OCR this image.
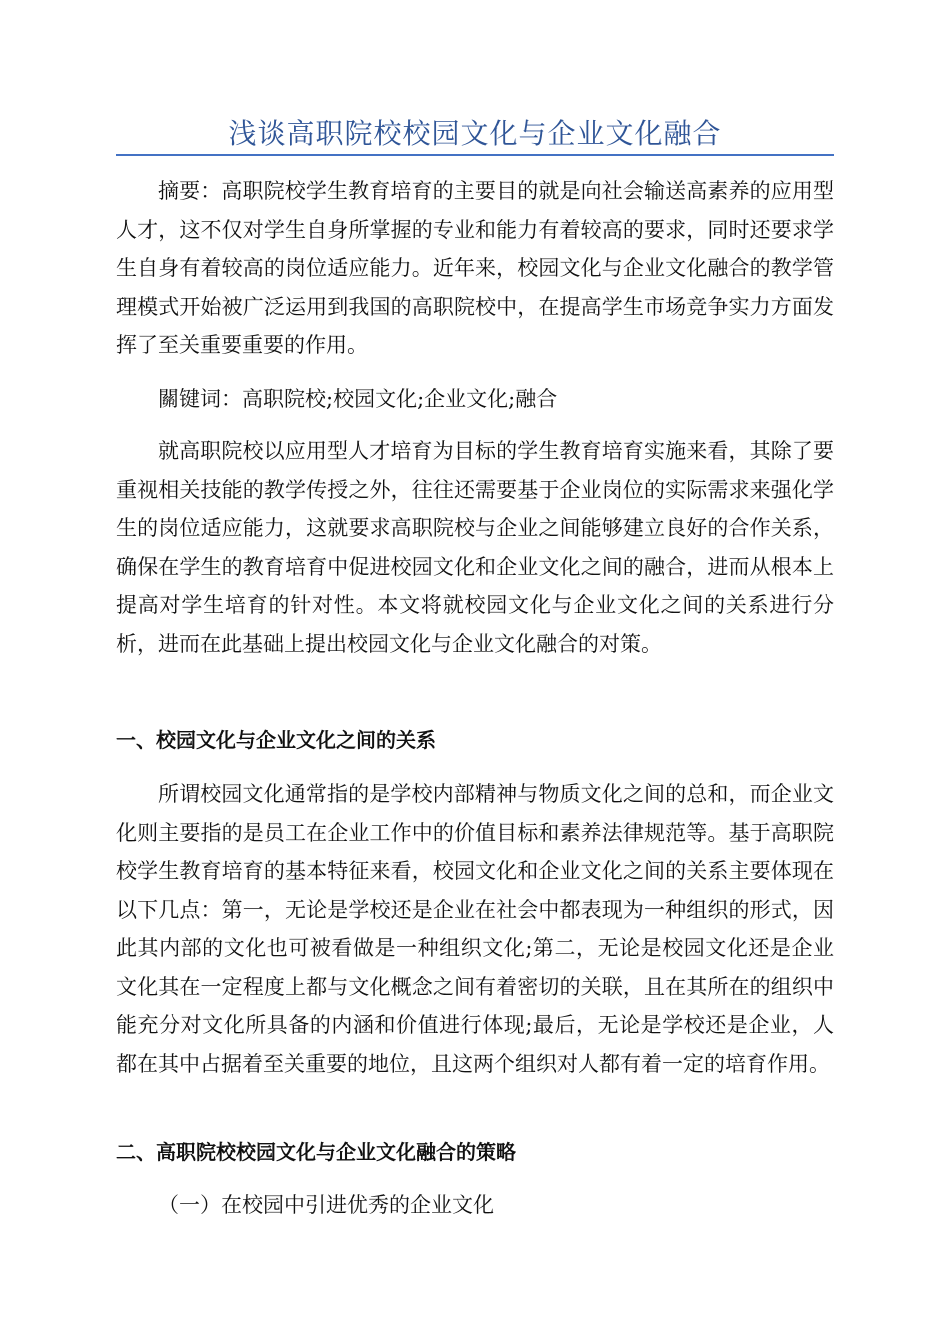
浅谈高职院校校园文化与企业文化融合

摘要：高职院校学生教育培育的主要目的就是向社会输送高素养的应用型人才，这不仅对学生自身所掌握的专业和能力有着较高的要求，同时还要求学生自身有着较高的岗位适应能力。近年来，校园文化与企业文化融合的教学管理模式开始被广泛运用到我国的高职院校中，在提高学生市场竞争实力方面发挥了至关重要重要的作用。

關键词：高职院校;校园文化;企业文化;融合

就高职院校以应用型人才培育为目标的学生教育培育实施来看，其除了要重视相关技能的教学传授之外，往往还需要基于企业岗位的实际需求来强化学生的岗位适应能力，这就要求高职院校与企业之间能够建立良好的合作关系，确保在学生的教育培育中促进校园文化和企业文化之间的融合，进而从根本上提高对学生培育的针对性。本文将就校园文化与企业文化之间的关系进行分析，进而在此基础上提出校园文化与企业文化融合的对策。

一、校园文化与企业文化之间的关系

所谓校园文化通常指的是学校内部精神与物质文化之间的总和，而企业文化则主要指的是员工在企业工作中的价值目标和素养法律规范等。基于高职院校学生教育培育的基本特征来看，校园文化和企业文化之间的关系主要体现在以下几点：第一，无论是学校还是企业在社会中都表现为一种组织的形式，因此其内部的文化也可被看做是一种组织文化;第二，无论是校园文化还是企业文化其在一定程度上都与文化概念之间有着密切的关联，且在其所在的组织中能充分对文化所具备的内涵和价值进行体现;最后，无论是学校还是企业，人都在其中占据着至关重要的地位，且这两个组织对人都有着一定的培育作用。

二、高职院校校园文化与企业文化融合的策略

（一）在校园中引进优秀的企业文化
